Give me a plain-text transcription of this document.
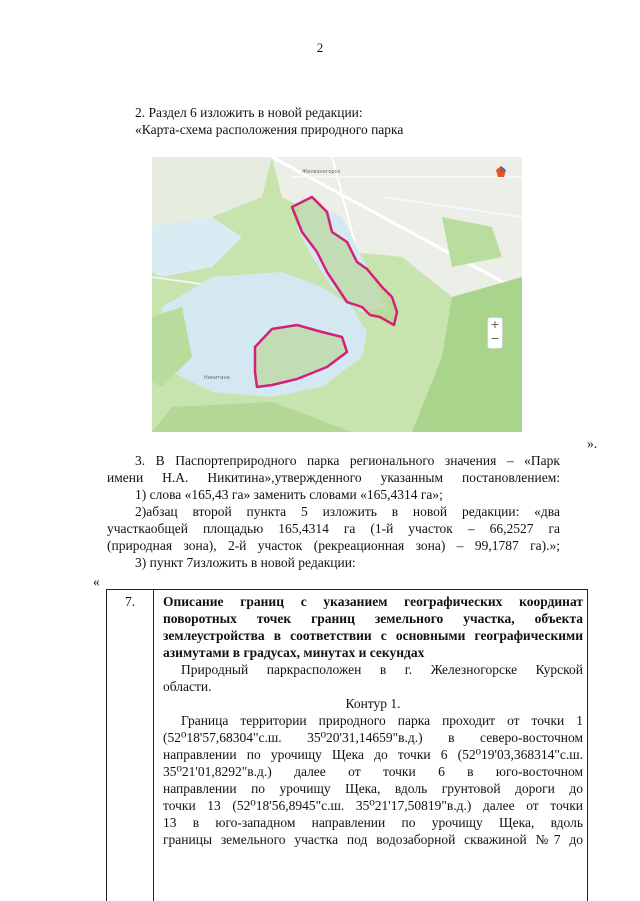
2
2. Раздел 6 изложить в новой редакции:
«Карта-схема расположения природного парка
Железногорск
Никитина
+
−
».
3. В Паспортеприродного парка регионального значения – «Парк
имени Н.А. Никитина»,утвержденного указанным постановлением:
1) слова «165,43 га» заменить словами «165,4314 га»;
2)абзац второй пункта 5 изложить в новой редакции: «два
участкаобщей площадью 165,4314 га (1-й участок – 66,2527 га
(природная зона), 2-й участок (рекреационная зона) – 99,1787 га).»;
3) пункт 7изложить в новой редакции:
«
7.	Описание границ с указанием географических координат
поворотных точек границ земельного участка, объекта
землеустройства в соответствии с основными географическими
азимутами в градусах, минутах и секундах
Природный паркрасположен в г. Железногорске Курской
области.
Контур 1.
Граница территории природного парка проходит от точки 1
(52⁰18'57,68304"с.ш. 35⁰20'31,14659"в.д.) в северо-восточном
направлении по урочищу Щека до точки 6 (52⁰19'03,368314"с.ш.
35⁰21'01,8292"в.д.) далее от точки 6 в юго-восточном
направлении по урочищу Щека, вдоль грунтовой дороги до
точки 13 (52⁰18'56,8945"с.ш. 35⁰21'17,50819"в.д.) далее от точки
13 в юго-западном направлении по урочищу Щека, вдоль
границы земельного участка под водозаборной скважиной №7 до
